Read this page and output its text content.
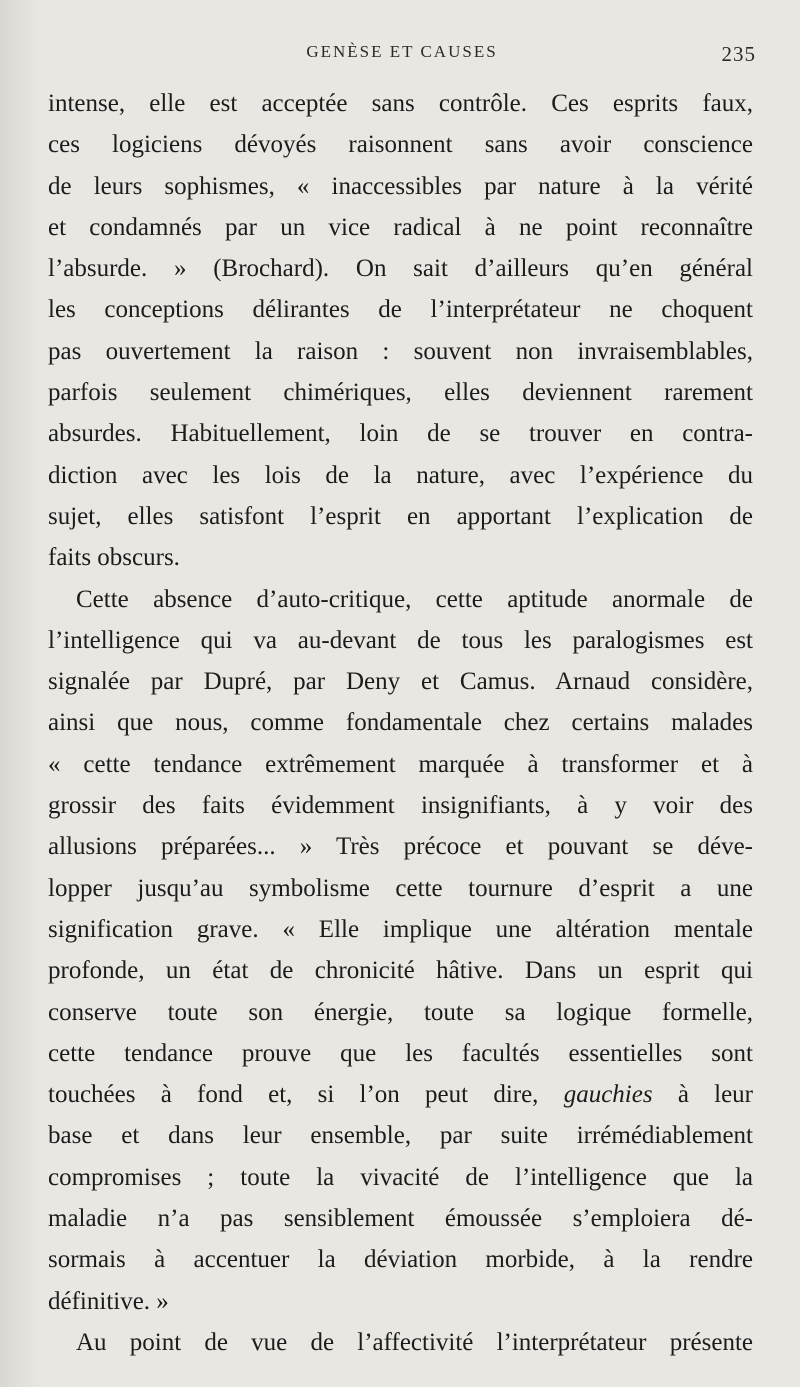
GENÈSE ET CAUSES	235
intense, elle est acceptée sans contrôle. Ces esprits faux,
ces logiciens dévoyés raisonnent sans avoir conscience
de leurs sophismes, « inaccessibles par nature à la vérité
et condamnés par un vice radical à ne point reconnaître
l’absurde. » (Brochard). On sait d’ailleurs qu’en général
les conceptions délirantes de l’interprétateur ne choquent
pas ouvertement la raison : souvent non invraisemblables,
parfois seulement chimériques, elles deviennent rarement
absurdes. Habituellement, loin de se trouver en contra-
diction avec les lois de la nature, avec l’expérience du
sujet, elles satisfont l’esprit en apportant l’explication de
faits obscurs.
Cette absence d’auto-critique, cette aptitude anormale de
l’intelligence qui va au-devant de tous les paralogismes est
signalée par Dupré, par Deny et Camus. Arnaud considère,
ainsi que nous, comme fondamentale chez certains malades
« cette tendance extrêmement marquée à transformer et à
grossir des faits évidemment insignifiants, à y voir des
allusions préparées... » Très précoce et pouvant se déve-
lopper jusqu’au symbolisme cette tournure d’esprit a une
signification grave. « Elle implique une altération mentale
profonde, un état de chronicité hâtive. Dans un esprit qui
conserve toute son énergie, toute sa logique formelle,
cette tendance prouve que les facultés essentielles sont
touchées à fond et, si l’on peut dire, gauchies à leur
base et dans leur ensemble, par suite irrémédiablement
compromises ; toute la vivacité de l’intelligence que la
maladie n’a pas sensiblement émoussée s’emploiera dé-
sormais à accentuer la déviation morbide, à la rendre
définitive. »
Au point de vue de l’affectivité l’interprétateur présente
